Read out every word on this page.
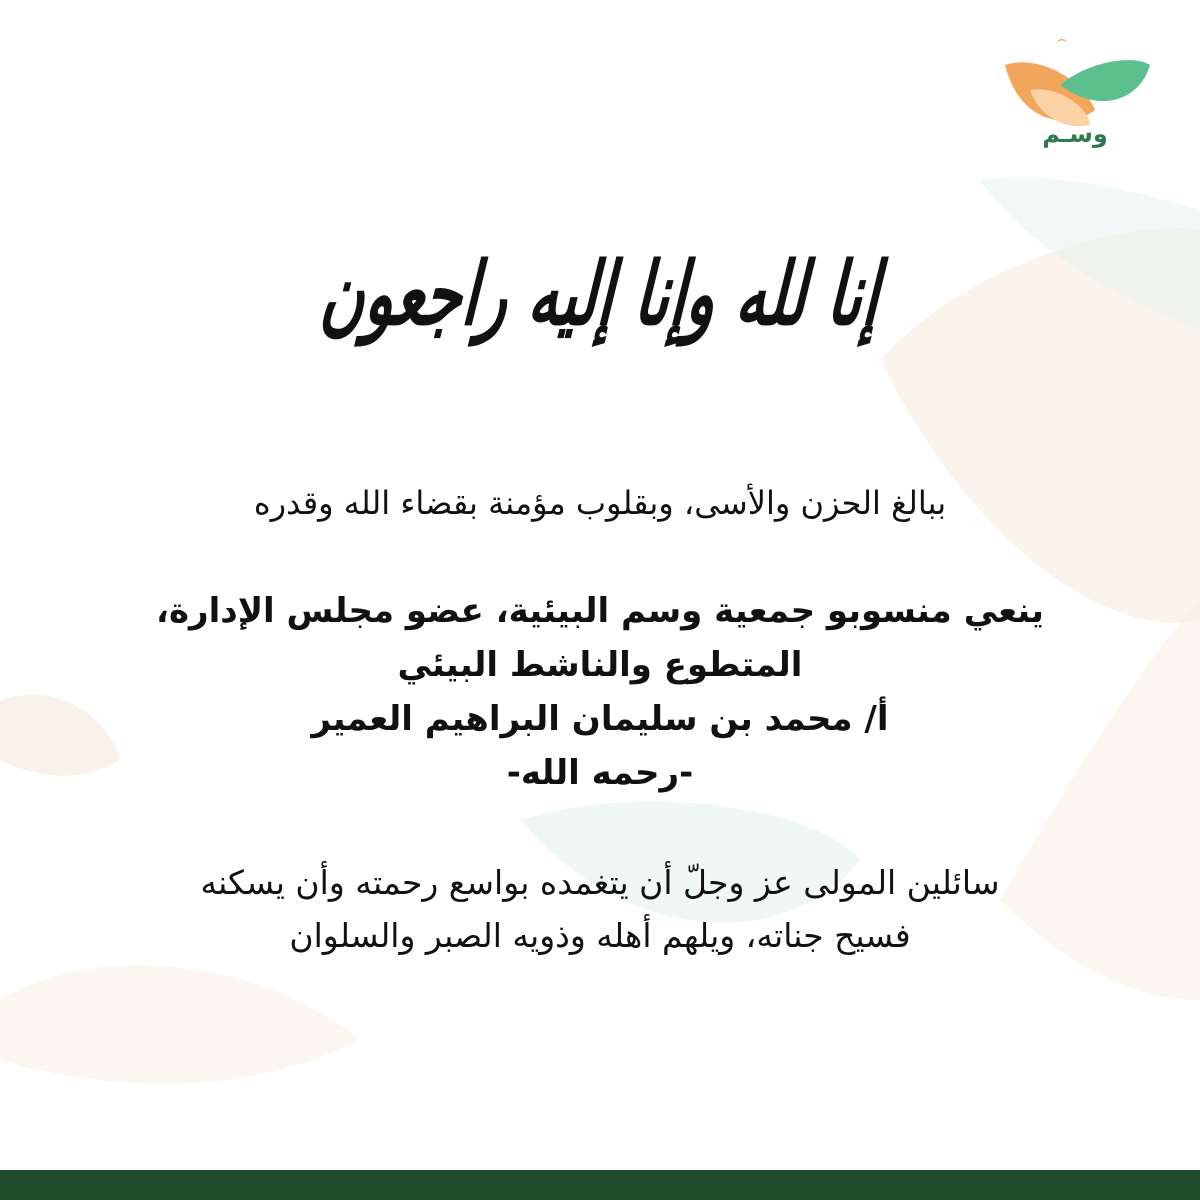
وسـم
إنا لله وإنا إليه راجعون
ببالغ الحزن والأسى، وبقلوب مؤمنة بقضاء الله وقدره
ينعي منسوبو جمعية وسم البيئية، عضو مجلس الإدارة،
المتطوع والناشط البيئي
أ/ محمد بن سليمان البراهيم العمير
-رحمه الله-
سائلين المولى عز وجلّ أن يتغمده بواسع رحمته وأن يسكنه
فسيح جناته، ويلهم أهله وذويه الصبر والسلوان
